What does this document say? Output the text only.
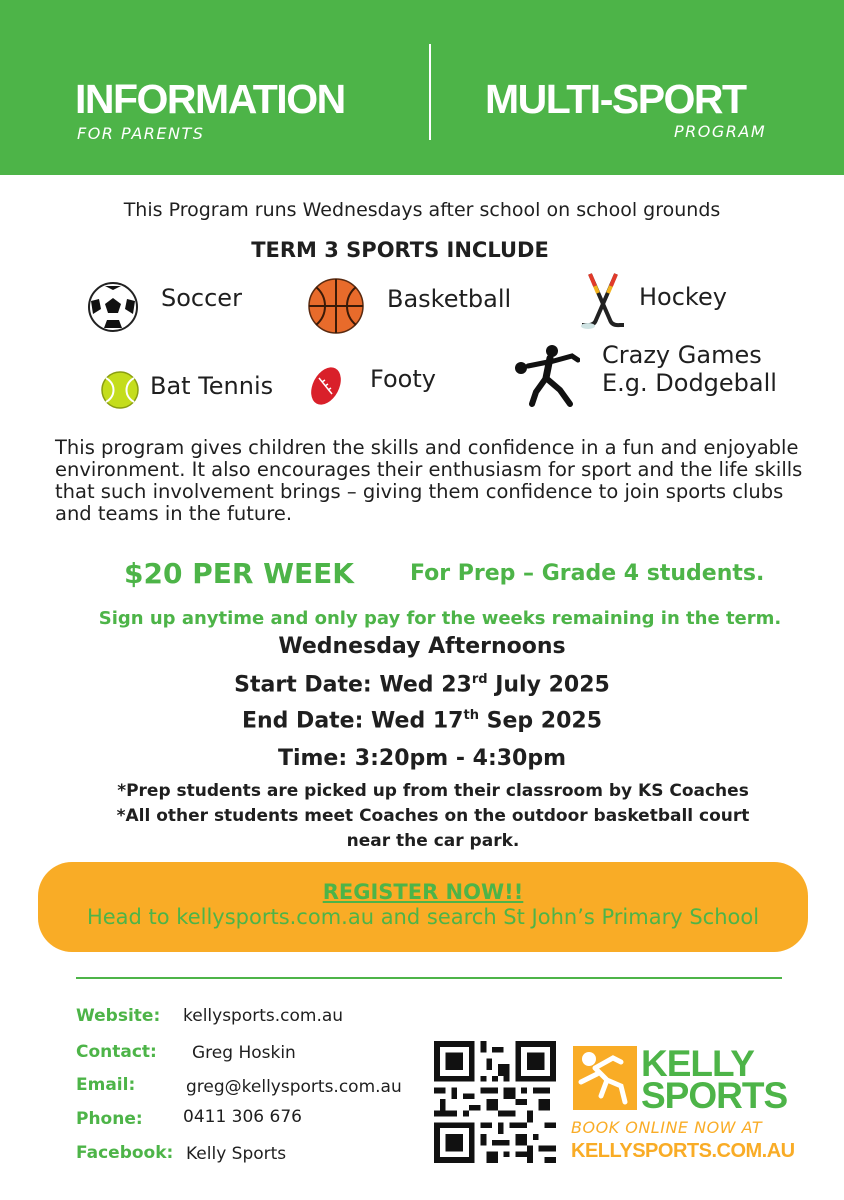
INFORMATION
FOR PARENTS
MULTI-SPORT
PROGRAM
This Program runs Wednesdays after school on school grounds
TERM 3 SPORTS INCLUDE
Soccer	Basketball	Hockey
Bat Tennis	Footy
Crazy Games
E.g. Dodgeball
This program gives children the skills and confidence in a fun and enjoyable environment. It also encourages their enthusiasm for sport and the life skills that such involvement brings – giving them confidence to join sports clubs and teams in the future.
$20 PER WEEK	For Prep – Grade 4 students.
Sign up anytime and only pay for the weeks remaining in the term.
Wednesday Afternoons
Start Date: Wed 23rd July 2025
End Date: Wed 17th Sep 2025
Time: 3:20pm - 4:30pm
*Prep students are picked up from their classroom by KS Coaches
*All other students meet Coaches on the outdoor basketball court
near the car park.
REGISTER NOW!!
Head to kellysports.com.au and search St John’s Primary School
Website: kellysports.com.au
Contact: Greg Hoskin
Email:	greg@kellysports.com.au
Phone: 0411 306 676
Facebook: Kelly Sports
KELLY
SPORTS
BOOK ONLINE NOW AT
KELLYSPORTS.COM.AU
